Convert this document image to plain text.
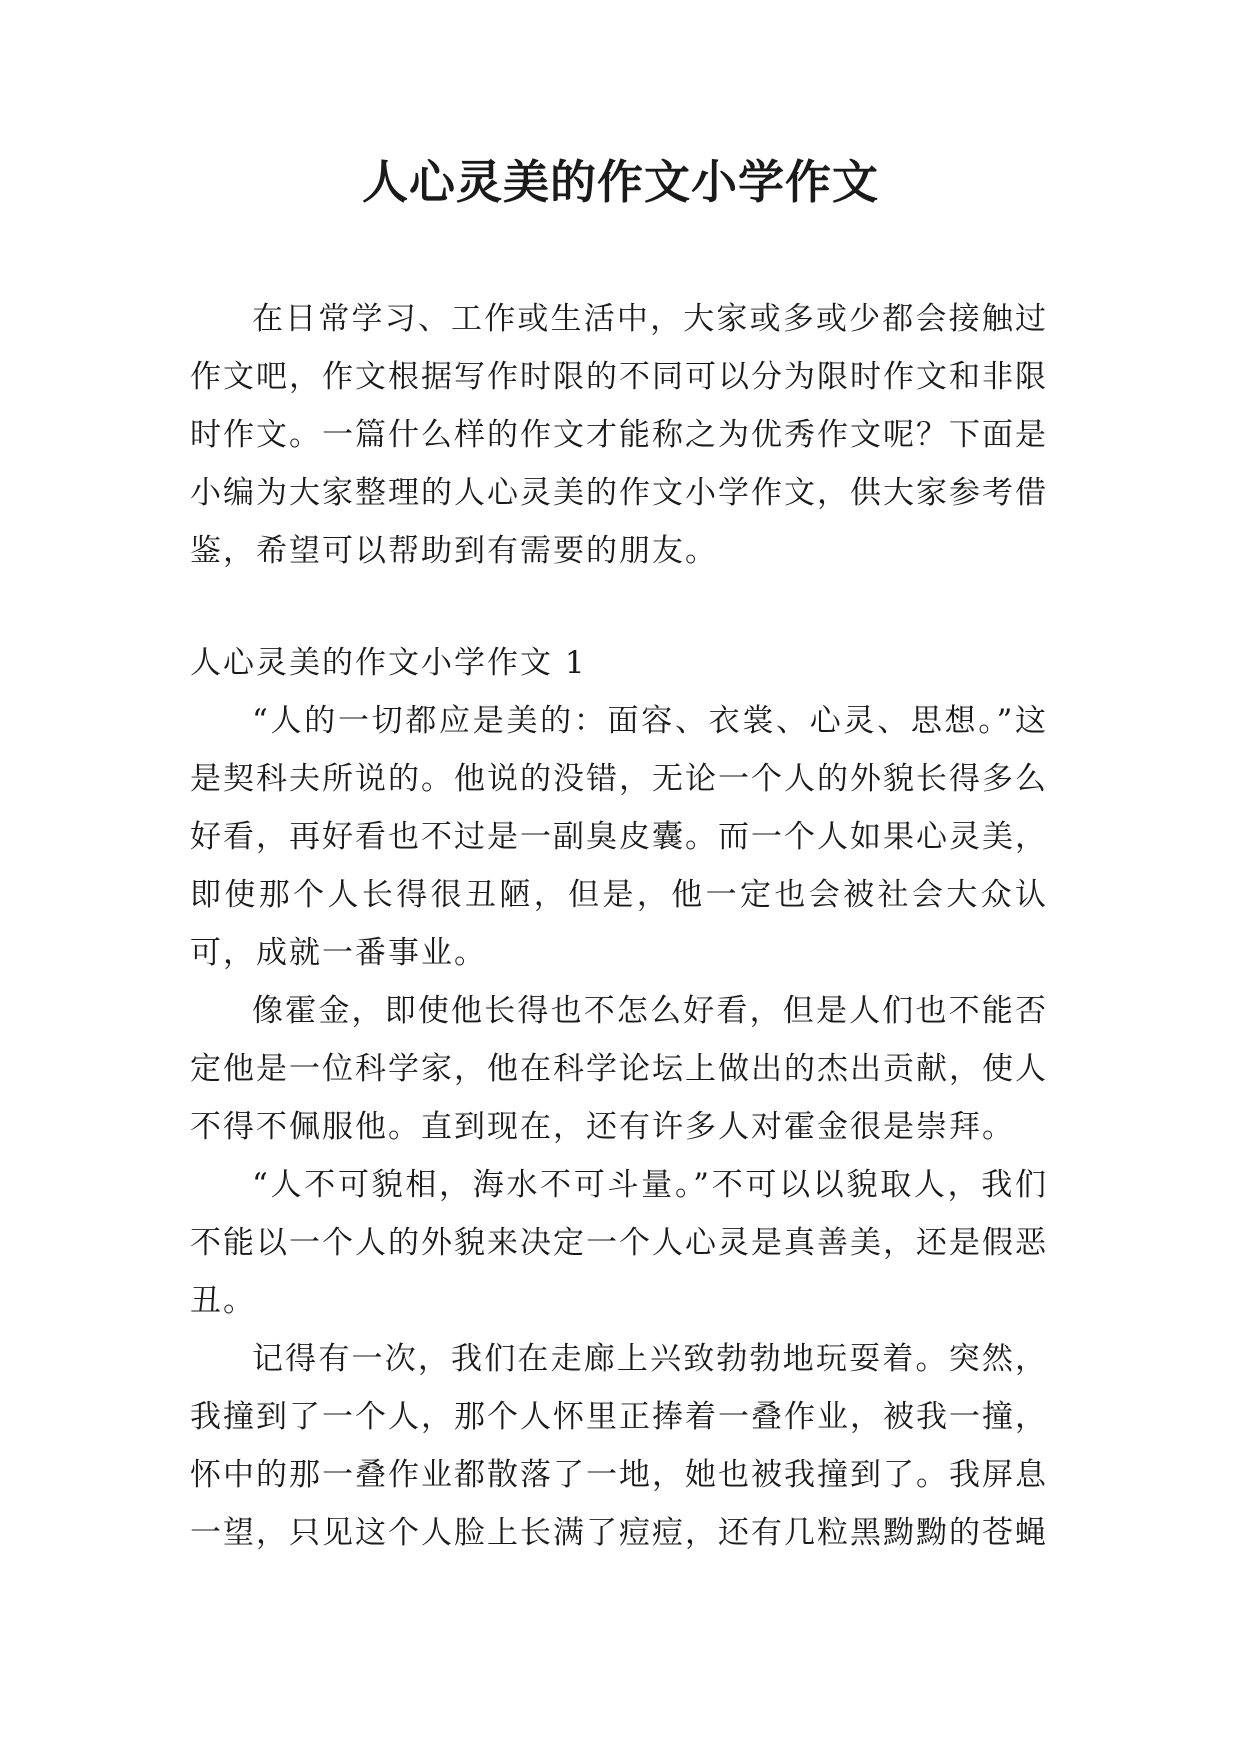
人心灵美的作文小学作文

在日常学习、工作或生活中，大家或多或少都会接触过作文吧，作文根据写作时限的不同可以分为限时作文和非限时作文。一篇什么样的作文才能称之为优秀作文呢？下面是小编为大家整理的人心灵美的作文小学作文，供大家参考借鉴，希望可以帮助到有需要的朋友。

人心灵美的作文小学作文 1

“人的一切都应是美的：面容、衣裳、心灵、思想。”这是契科夫所说的。他说的没错，无论一个人的外貌长得多么好看，再好看也不过是一副臭皮囊。而一个人如果心灵美，即使那个人长得很丑陋，但是，他一定也会被社会大众认可，成就一番事业。

像霍金，即使他长得也不怎么好看，但是人们也不能否定他是一位科学家，他在科学论坛上做出的杰出贡献，使人不得不佩服他。直到现在，还有许多人对霍金很是崇拜。

“人不可貌相，海水不可斗量。”不可以以貌取人，我们不能以一个人的外貌来决定一个人心灵是真善美，还是假恶丑。

记得有一次，我们在走廊上兴致勃勃地玩耍着。突然，我撞到了一个人，那个人怀里正捧着一叠作业，被我一撞，怀中的那一叠作业都散落了一地，她也被我撞到了。我屏息一望，只见这个人脸上长满了痘痘，还有几粒黑黝黝的苍蝇
